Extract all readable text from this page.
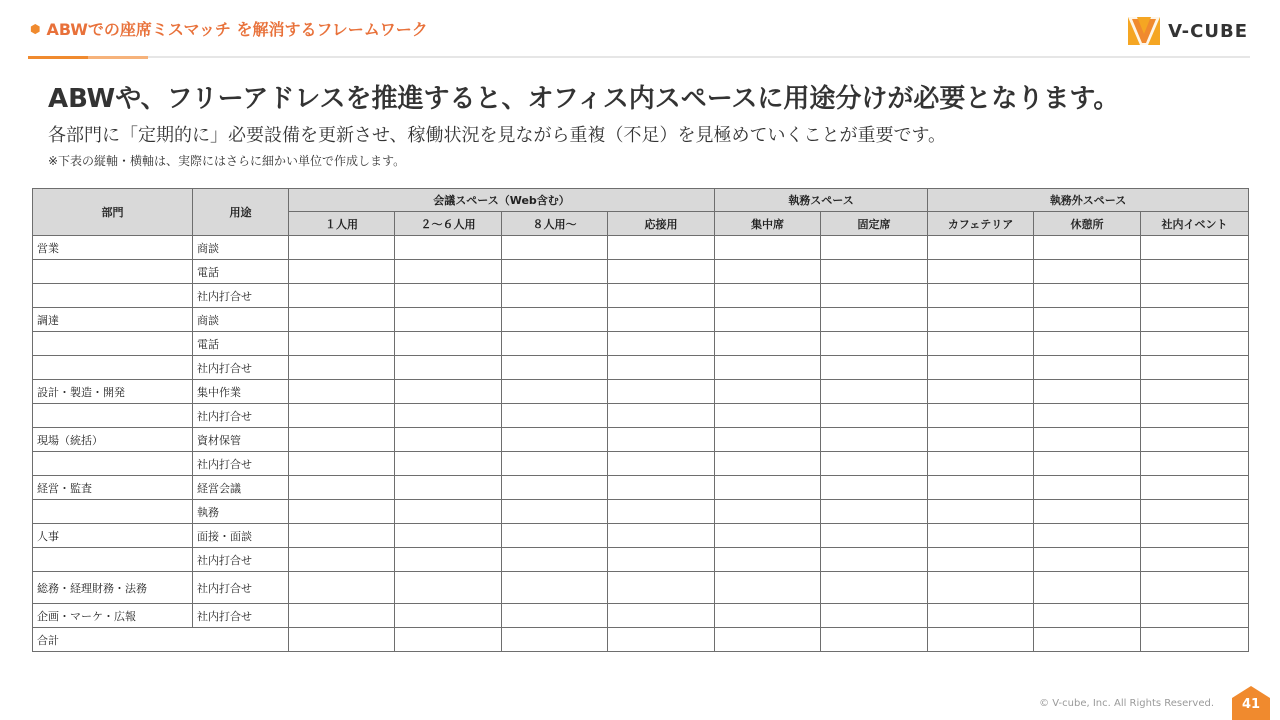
⬢ ABWでの座席ミスマッチ を解消するフレームワーク	V-CUBE
ABWや、フリーアドレスを推進すると、オフィス内スペースに用途分けが必要となります。
各部門に「定期的に」必要設備を更新させ、稼働状況を見ながら重複（不足）を見極めていくことが重要です。
※下表の縦軸・横軸は、実際にはさらに細かい単位で作成します。
部門	用途	会議スペース（Web含む）				執務スペース		執務外スペース		
		１人用	２〜６人用	８人用〜	応接用	集中席	固定席	カフェテリア	休憩所	社内イベント
営業	商談									
	電話									
	社内打合せ									
調達	商談									
	電話									
	社内打合せ									
設計・製造・開発	集中作業									
	社内打合せ									
現場（統括）	資材保管									
	社内打合せ									
経営・監査	経営会議									
	執務									
人事	面接・面談									
	社内打合せ									
総務・経理財務・法務	社内打合せ									
企画・マーケ・広報	社内打合せ									
合計										
© V-cube, Inc. All Rights Reserved.	41
